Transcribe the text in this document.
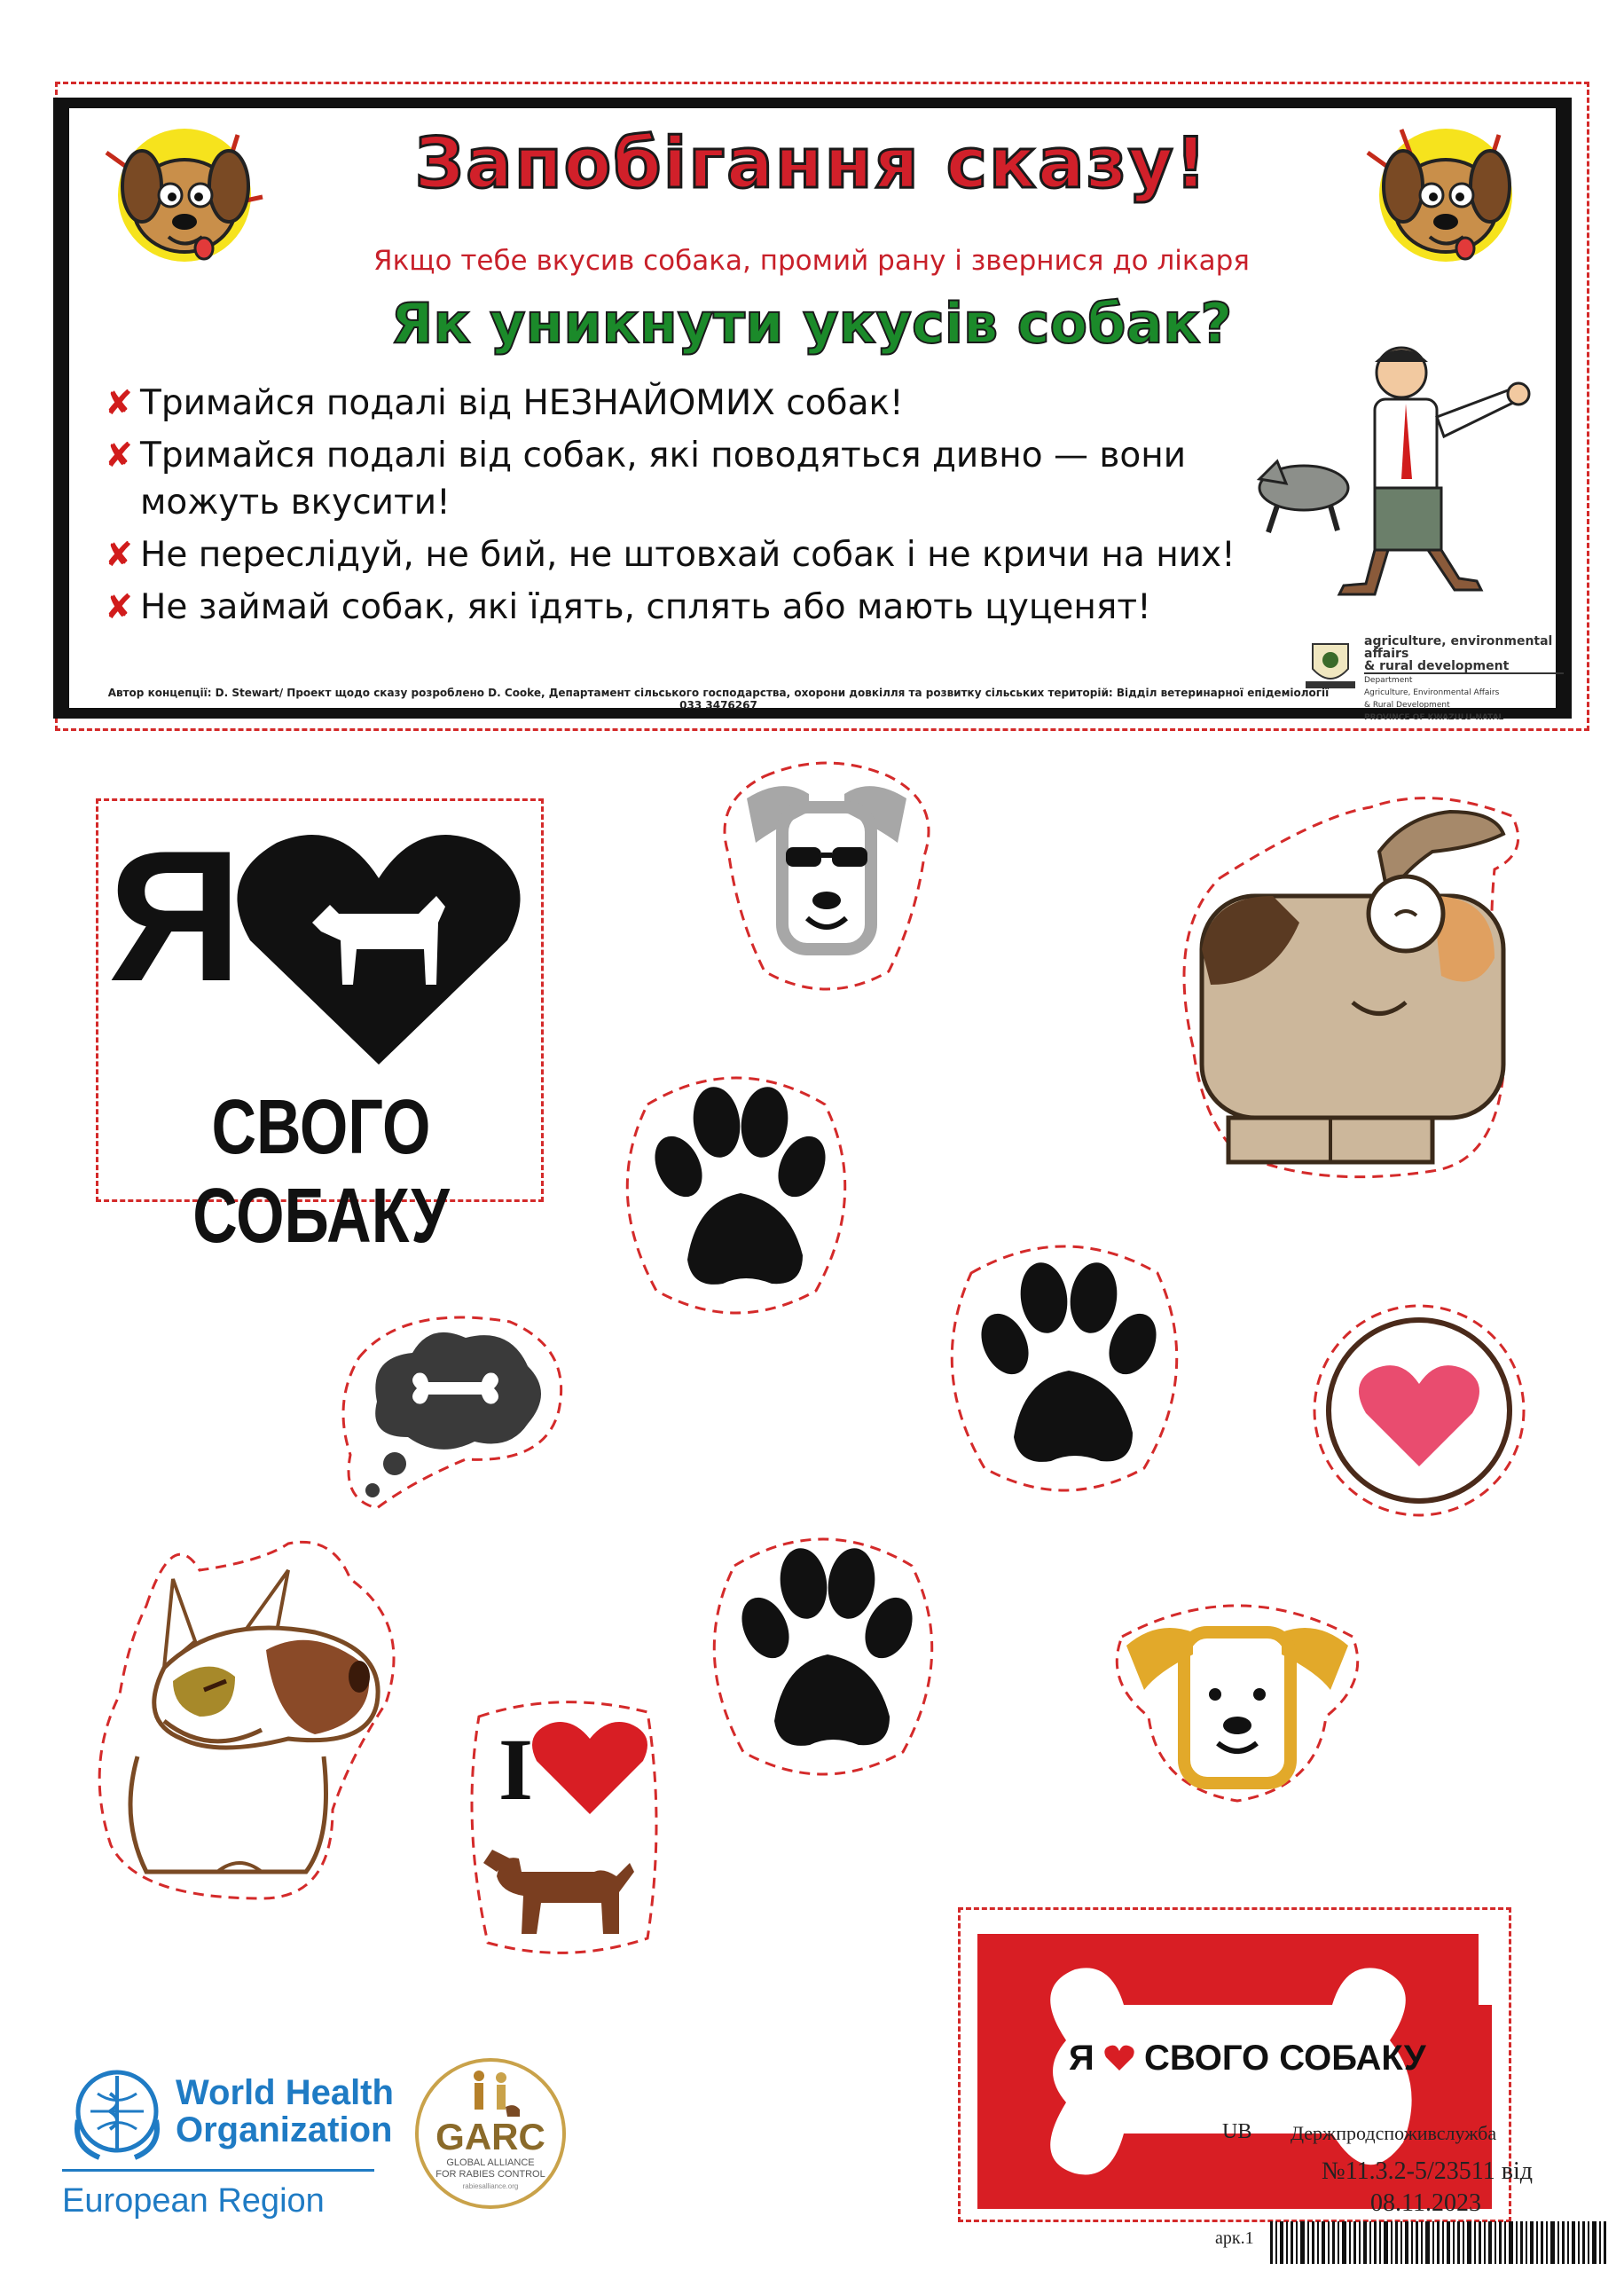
Запобігання сказу!
Якщо тебе вкусив собака, промий рану і звернися до лікаря
Як уникнути укусів собак?
✘ Тримайся подалі від НЕЗНАЙОМИХ собак!
✘ Тримайся подалі від собак, які поводяться дивно — вони можуть вкусити!
✘ Не переслідуй, не бий, не штовхай собак і не кричи на них!
✘ Не займай собак, які їдять, сплять або мають цуценят!
agriculture, environmental affairs
& rural development
Department
Agriculture, Environmental Affairs
& Rural Development
PROVINCE OF KWAZULU-NATAL
Автор концепції: D. Stewart/ Проект щодо сказу розроблено D. Cooke, Департамент сільського господарства, охорони довкілля та розвитку сільських територій: Відділ ветеринарної епідеміології 033 3476267
Я
СВОГО СОБАКУ
I
Я СВОГО СОБАКУ
World Health
Organization
European Region
GARC
GLOBAL ALLIANCE
FOR RABIES CONTROL
rabiesalliance.org
UB Держпродспоживслужба
№11.3.2-5/23511 від
08.11.2023
арк.1
